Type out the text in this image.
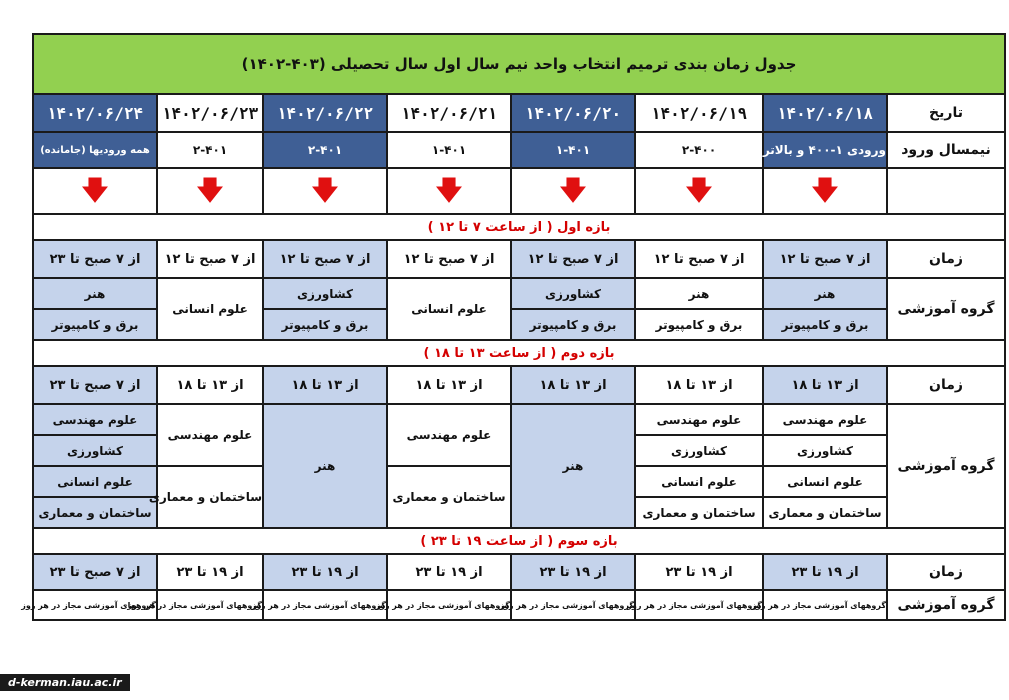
جدول زمان بندی ترمیم انتخاب واحد نیم سال اول سال تحصیلی (۴۰۳-۱۴۰۲)							
تاریخ	۱۴۰۲/۰۶/۱۸	۱۴۰۲/۰۶/۱۹	۱۴۰۲/۰۶/۲۰	۱۴۰۲/۰۶/۲۱	۱۴۰۲/۰۶/۲۲	۱۴۰۲/۰۶/۲۳	۱۴۰۲/۰۶/۲۴
نیمسال ورود	ورودی ۱-۴۰۰ و بالاتر	۲-۴۰۰	۱-۴۰۱	۱-۴۰۱	۲-۴۰۱	۲-۴۰۱	همه ورودیها (جامانده)
	🡇	🡇	🡇	🡇	🡇	🡇	🡇
بازه اول ( از ساعت ۷ تا ۱۲ )							
زمان	از ۷ صبح تا ۱۲	از ۷ صبح تا ۱۲	از ۷ صبح تا ۱۲	از ۷ صبح تا ۱۲	از ۷ صبح تا ۱۲	از ۷ صبح تا ۱۲	از ۷ صبح تا ۲۳
گروه آموزشی	هنر	هنر	کشاورزی	علوم انسانی	کشاورزی	علوم انسانی	هنر
	برق و کامپیوتر	برق و کامپیوتر	برق و کامپیوتر		برق و کامپیوتر		برق و کامپیوتر
بازه دوم ( از ساعت ۱۳ تا ۱۸ )							
زمان	از ۱۳ تا ۱۸	از ۱۳ تا ۱۸	از ۱۳ تا ۱۸	از ۱۳ تا ۱۸	از ۱۳ تا ۱۸	از ۱۳ تا ۱۸	از ۷ صبح تا ۲۳
گروه آموزشی	علوم مهندسی	علوم مهندسی	هنر	علوم مهندسی	هنر	علوم مهندسی	علوم مهندسی
	کشاورزی	کشاورزی					کشاورزی
	علوم انسانی	علوم انسانی		ساختمان و معماری		ساختمان و معماری	علوم انسانی
	ساختمان و معماری	ساختمان و معماری					ساختمان و معماری
بازه سوم ( از ساعت ۱۹ تا ۲۳ )							
زمان	از ۱۹ تا ۲۳	از ۱۹ تا ۲۳	از ۱۹ تا ۲۳	از ۱۹ تا ۲۳	از ۱۹ تا ۲۳	از ۱۹ تا ۲۳	از ۷ صبح تا ۲۳
گروه آموزشی	گروههای آموزشی مجاز در هر روز	گروههای آموزشی مجاز در هر روز	گروههای آموزشی مجاز در هر روز	گروههای آموزشی مجاز در هر روز	گروههای آموزشی مجاز در هر روز	گروههای آموزشی مجاز در هر روز	گروههای آموزشی مجاز در هر روز
d-kerman.iau.ac.ir
